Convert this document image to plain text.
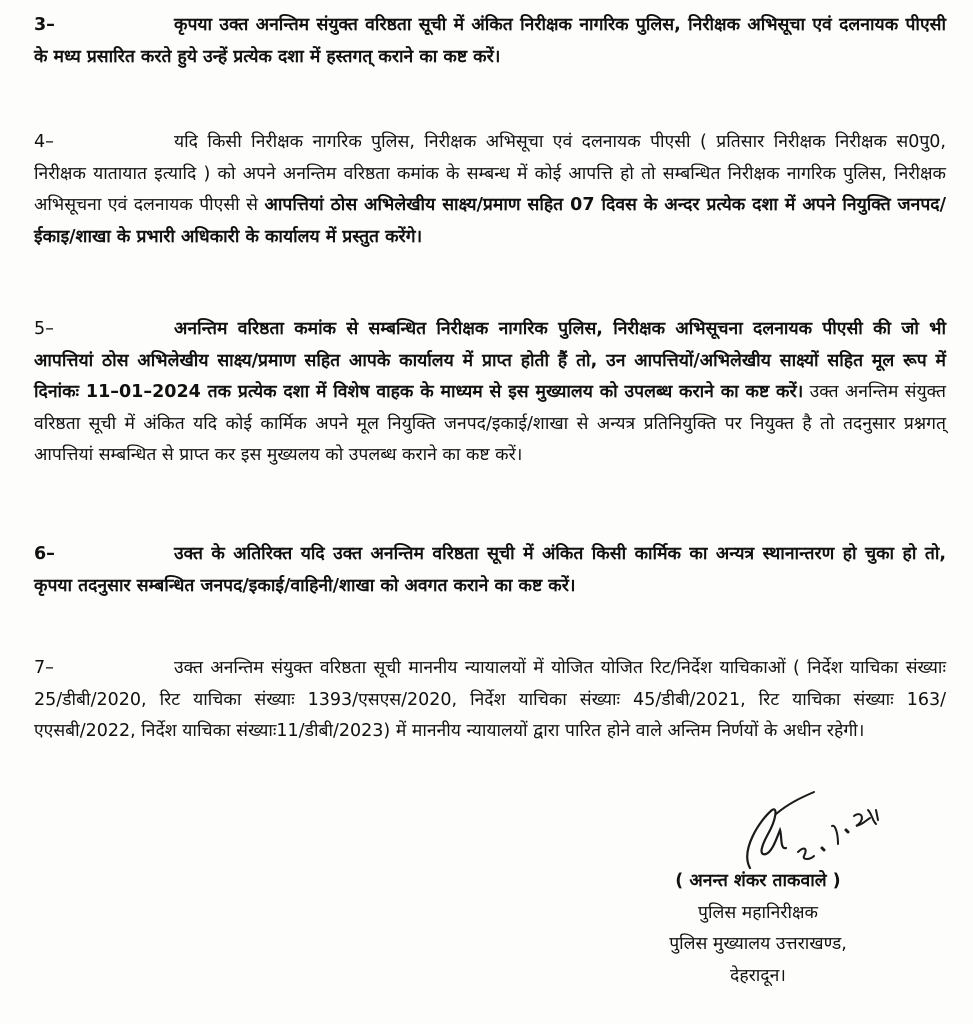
3–	कृपया उक्त अनन्तिम संयुक्त वरिष्ठता सूची में अंकित निरीक्षक नागरिक पुलिस, निरीक्षक अभिसूचा एवं दलनायक पीएसी के मध्य प्रसारित करते हुये उन्हें प्रत्येक दशा में हस्तगत् कराने का कष्ट करें।
4–	यदि किसी निरीक्षक नागरिक पुलिस, निरीक्षक अभिसूचा एवं दलनायक पीएसी ( प्रतिसार निरीक्षक निरीक्षक स0पु0, निरीक्षक यातायात इत्यादि ) को अपने अनन्तिम वरिष्ठता कमांक के सम्बन्ध में कोई आपत्ति हो तो सम्बन्धित निरीक्षक नागरिक पुलिस, निरीक्षक अभिसूचना एवं दलनायक पीएसी से आपत्तियां ठोस अभिलेखीय साक्ष्य/प्रमाण सहित 07 दिवस के अन्दर प्रत्येक दशा में अपने नियुक्ति जनपद/ईकाइ/शाखा के प्रभारी अधिकारी के कार्यालय में प्रस्तुत करेंगे।
5–	अनन्तिम वरिष्ठता कमांक से सम्बन्धित निरीक्षक नागरिक पुलिस, निरीक्षक अभिसूचना दलनायक पीएसी की जो भी आपत्तियां ठोस अभिलेखीय साक्ष्य/प्रमाण सहित आपके कार्यालय में प्राप्त होती हैं तो, उन आपत्तियों/अभिलेखीय साक्ष्यों सहित मूल रूप में दिनांकः 11–01–2024 तक प्रत्येक दशा में विशेष वाहक के माध्यम से इस मुख्यालय को उपलब्ध कराने का कष्ट करें। उक्त अनन्तिम संयुक्त वरिष्ठता सूची में अंकित यदि कोई कार्मिक अपने मूल नियुक्ति जनपद/इकाई/शाखा से अन्यत्र प्रतिनियुक्ति पर नियुक्त है तो तदनुसार प्रश्नगत् आपत्तियां सम्बन्धित से प्राप्त कर इस मुख्यलय को उपलब्ध कराने का कष्ट करें।
6–	उक्त के अतिरिक्त यदि उक्त अनन्तिम वरिष्ठता सूची में अंकित किसी कार्मिक का अन्यत्र स्थानान्तरण हो चुका हो तो, कृपया तदनुसार सम्बन्धित जनपद/इकाई/वाहिनी/शाखा को अवगत कराने का कष्ट करें।
7–	उक्त अनन्तिम संयुक्त वरिष्ठता सूची माननीय न्यायालयों में योजित योजित रिट/निर्देश याचिकाओं ( निर्देश याचिका संख्याः 25/डीबी/2020, रिट याचिका संख्याः 1393/एसएस/2020, निर्देश याचिका संख्याः 45/डीबी/2021, रिट याचिका संख्याः 163/एएसबी/2022, निर्देश याचिका संख्याः11/डीबी/2023) में माननीय न्यायालयों द्वारा पारित होने वाले अन्तिम निर्णयों के अधीन रहेगी।
( अनन्त शंकर ताकवाले )
पुलिस महानिरीक्षक
पुलिस मुख्यालय उत्तराखण्ड,
देहरादून।
